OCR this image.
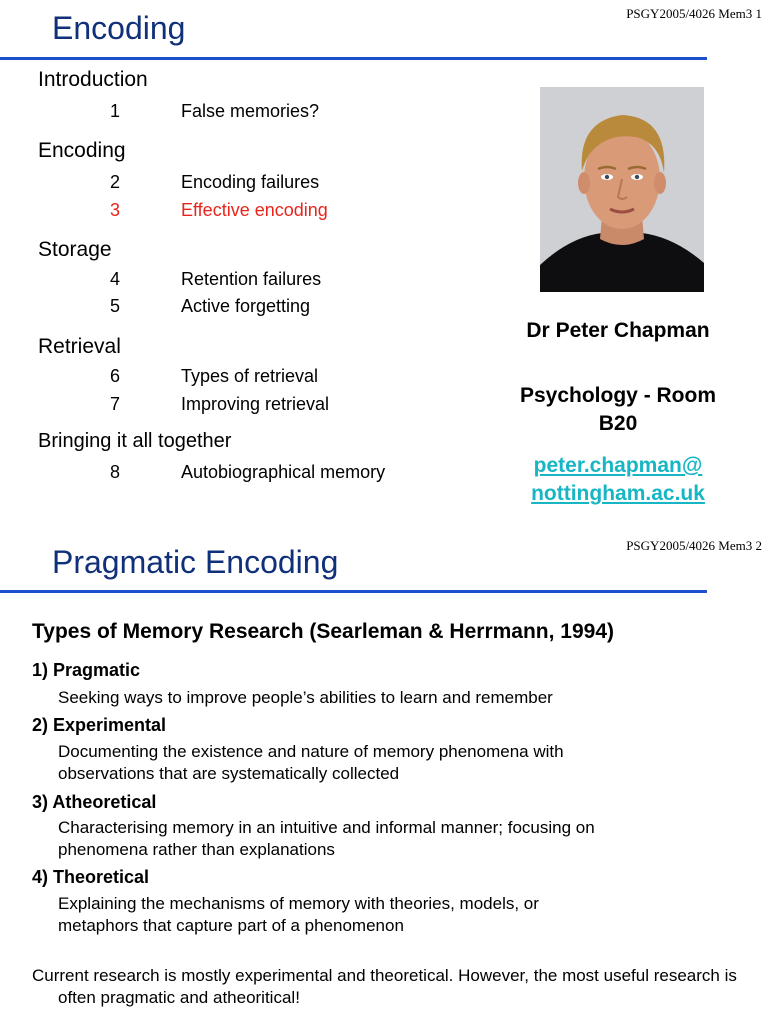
Encoding	PSGY2005/4026 Mem3 1
Introduction
1	False memories?
Encoding
2	Encoding failures
3	Effective encoding
Storage
4	Retention failures
5	Active forgetting
Retrieval
6	Types of retrieval
7	Improving retrieval
Bringing it all together
8	Autobiographical memory
Dr Peter Chapman
Psychology - Room
B20
peter.chapman@
nottingham.ac.uk
Pragmatic Encoding	PSGY2005/4026 Mem3 2
Types of Memory Research (Searleman & Herrmann, 1994)
1) Pragmatic
Seeking ways to improve people’s abilities to learn and remember
2) Experimental
Documenting the existence and nature of memory phenomena with
observations that are systematically collected
3) Atheoretical
Characterising memory in an intuitive and informal manner; focusing on
phenomena rather than explanations
4) Theoretical
Explaining the mechanisms of memory with theories, models, or
metaphors that capture part of a phenomenon
Current research is mostly experimental and theoretical. However, the most useful research is often pragmatic and atheoritical!
